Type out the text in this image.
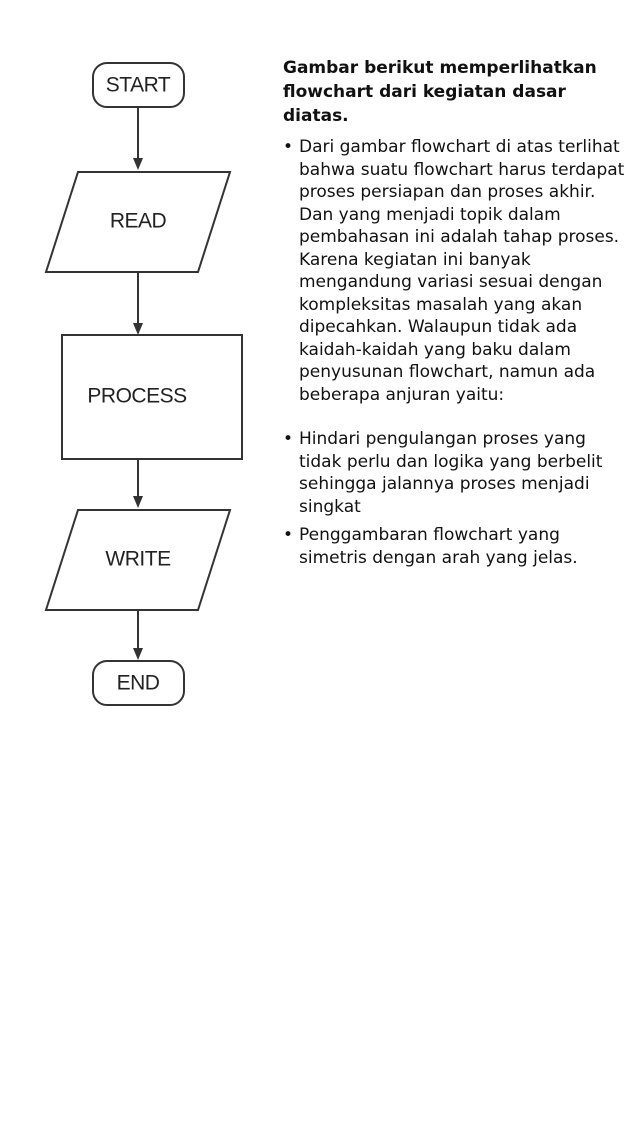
START
READ
PROCESS
WRITE
END

Gambar berikut memperlihatkan flowchart dari kegiatan dasar diatas.

• Dari gambar flowchart di atas terlihat bahwa suatu flowchart harus terdapat proses persiapan dan proses akhir. Dan yang menjadi topik dalam pembahasan ini adalah tahap proses. Karena kegiatan ini banyak mengandung variasi sesuai dengan kompleksitas masalah yang akan dipecahkan. Walaupun tidak ada kaidah-kaidah yang baku dalam penyusunan flowchart, namun ada beberapa anjuran yaitu:

• Hindari pengulangan proses yang tidak perlu dan logika yang berbelit sehingga jalannya proses menjadi singkat

• Penggambaran flowchart yang simetris dengan arah yang jelas.
